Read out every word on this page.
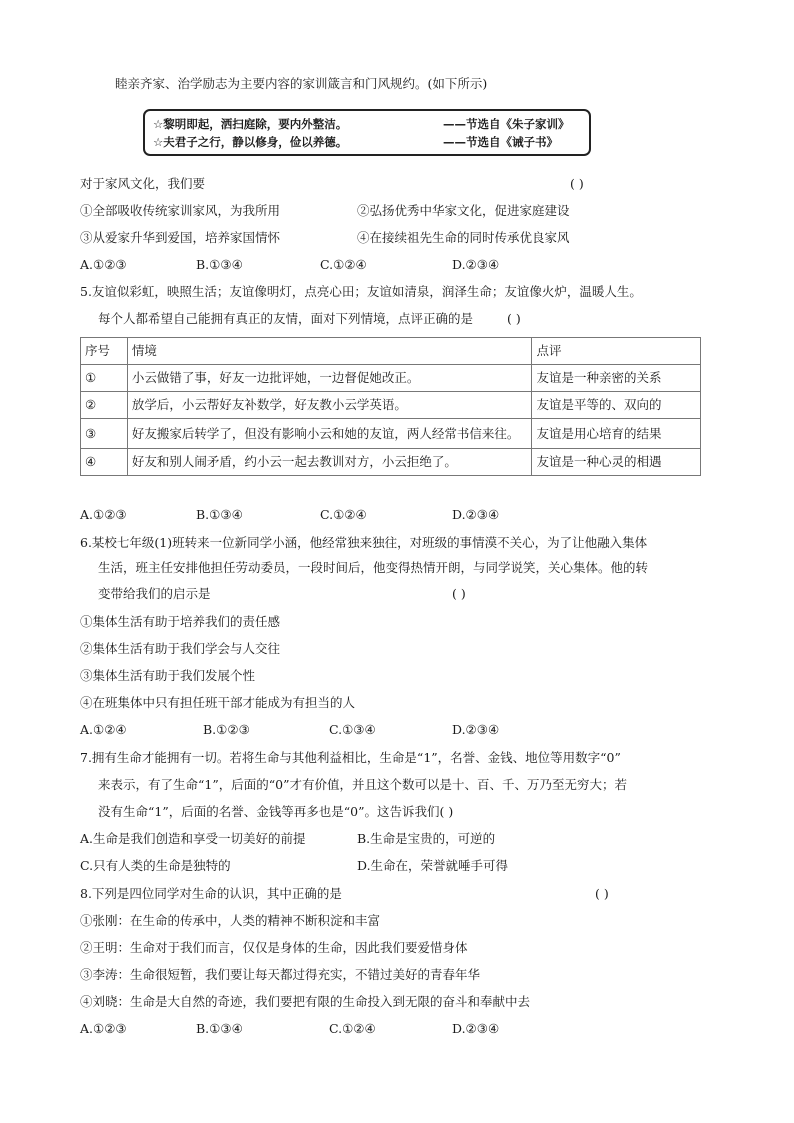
睦亲齐家、治学励志为主要内容的家训箴言和门风规约。(如下所示)
☆黎明即起，洒扫庭除，要内外整洁。	——节选自《朱子家训》
☆夫君子之行，静以修身，俭以养德。	——节选自《诫子书》
对于家风文化，我们要	( )
①全部吸收传统家训家风，为我所用	②弘扬优秀中华家文化，促进家庭建设
③从爱家升华到爱国，培养家国情怀	④在接续祖先生命的同时传承优良家风
A.①②③	B.①③④	C.①②④	D.②③④
5.友谊似彩虹，映照生活；友谊像明灯，点亮心田；友谊如清泉，润泽生命；友谊像火炉，温暖人生。
每个人都希望自己能拥有真正的友情，面对下列情境，点评正确的是	( )
序号	情境	点评
①	小云做错了事，好友一边批评她，一边督促她改正。	友谊是一种亲密的关系
②	放学后，小云帮好友补数学，好友教小云学英语。	友谊是平等的、双向的
③	好友搬家后转学了，但没有影响小云和她的友谊，两人经常书信来往。	友谊是用心培育的结果
④	好友和别人闹矛盾，约小云一起去教训对方，小云拒绝了。	友谊是一种心灵的相遇
A.①②③	B.①③④	C.①②④	D.②③④
6.某校七年级(1)班转来一位新同学小涵，他经常独来独往，对班级的事情漠不关心，为了让他融入集体
生活，班主任安排他担任劳动委员，一段时间后，他变得热情开朗，与同学说笑，关心集体。他的转
变带给我们的启示是	( )
①集体生活有助于培养我们的责任感
②集体生活有助于我们学会与人交往
③集体生活有助于我们发展个性
④在班集体中只有担任班干部才能成为有担当的人
A.①②④	B.①②③	C.①③④	D.②③④
7.拥有生命才能拥有一切。若将生命与其他利益相比，生命是“1”，名誉、金钱、地位等用数字“0”
来表示，有了生命“1”，后面的“0”才有价值，并且这个数可以是十、百、千、万乃至无穷大；若
没有生命“1”，后面的名誉、金钱等再多也是“0”。这告诉我们( )
A.生命是我们创造和享受一切美好的前提	B.生命是宝贵的，可逆的
C.只有人类的生命是独特的	D.生命在，荣誉就唾手可得
8.下列是四位同学对生命的认识，其中正确的是	( )
①张刚：在生命的传承中，人类的精神不断积淀和丰富
②王明：生命对于我们而言，仅仅是身体的生命，因此我们要爱惜身体
③李涛：生命很短暂，我们要让每天都过得充实，不错过美好的青春年华
④刘晓：生命是大自然的奇迹，我们要把有限的生命投入到无限的奋斗和奉献中去
A.①②③	B.①③④	C.①②④	D.②③④
